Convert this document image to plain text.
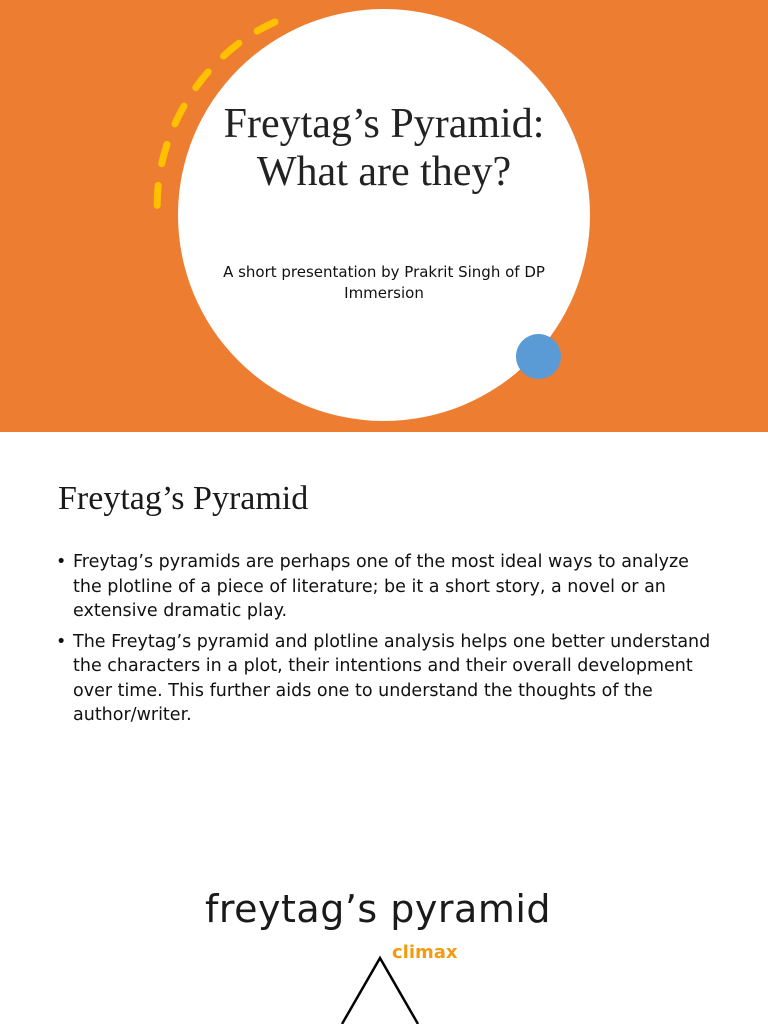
Freytag’s Pyramid: What are they?
A short presentation by Prakrit Singh of DP Immersion
Freytag’s Pyramid
• Freytag’s pyramids are perhaps one of the most ideal ways to analyze the plotline of a piece of literature; be it a short story, a novel or an extensive dramatic play.
• The Freytag’s pyramid and plotline analysis helps one better understand the characters in a plot, their intentions and their overall development over time. This further aids one to understand the thoughts of the author/writer.
freytag’s pyramid
climax
